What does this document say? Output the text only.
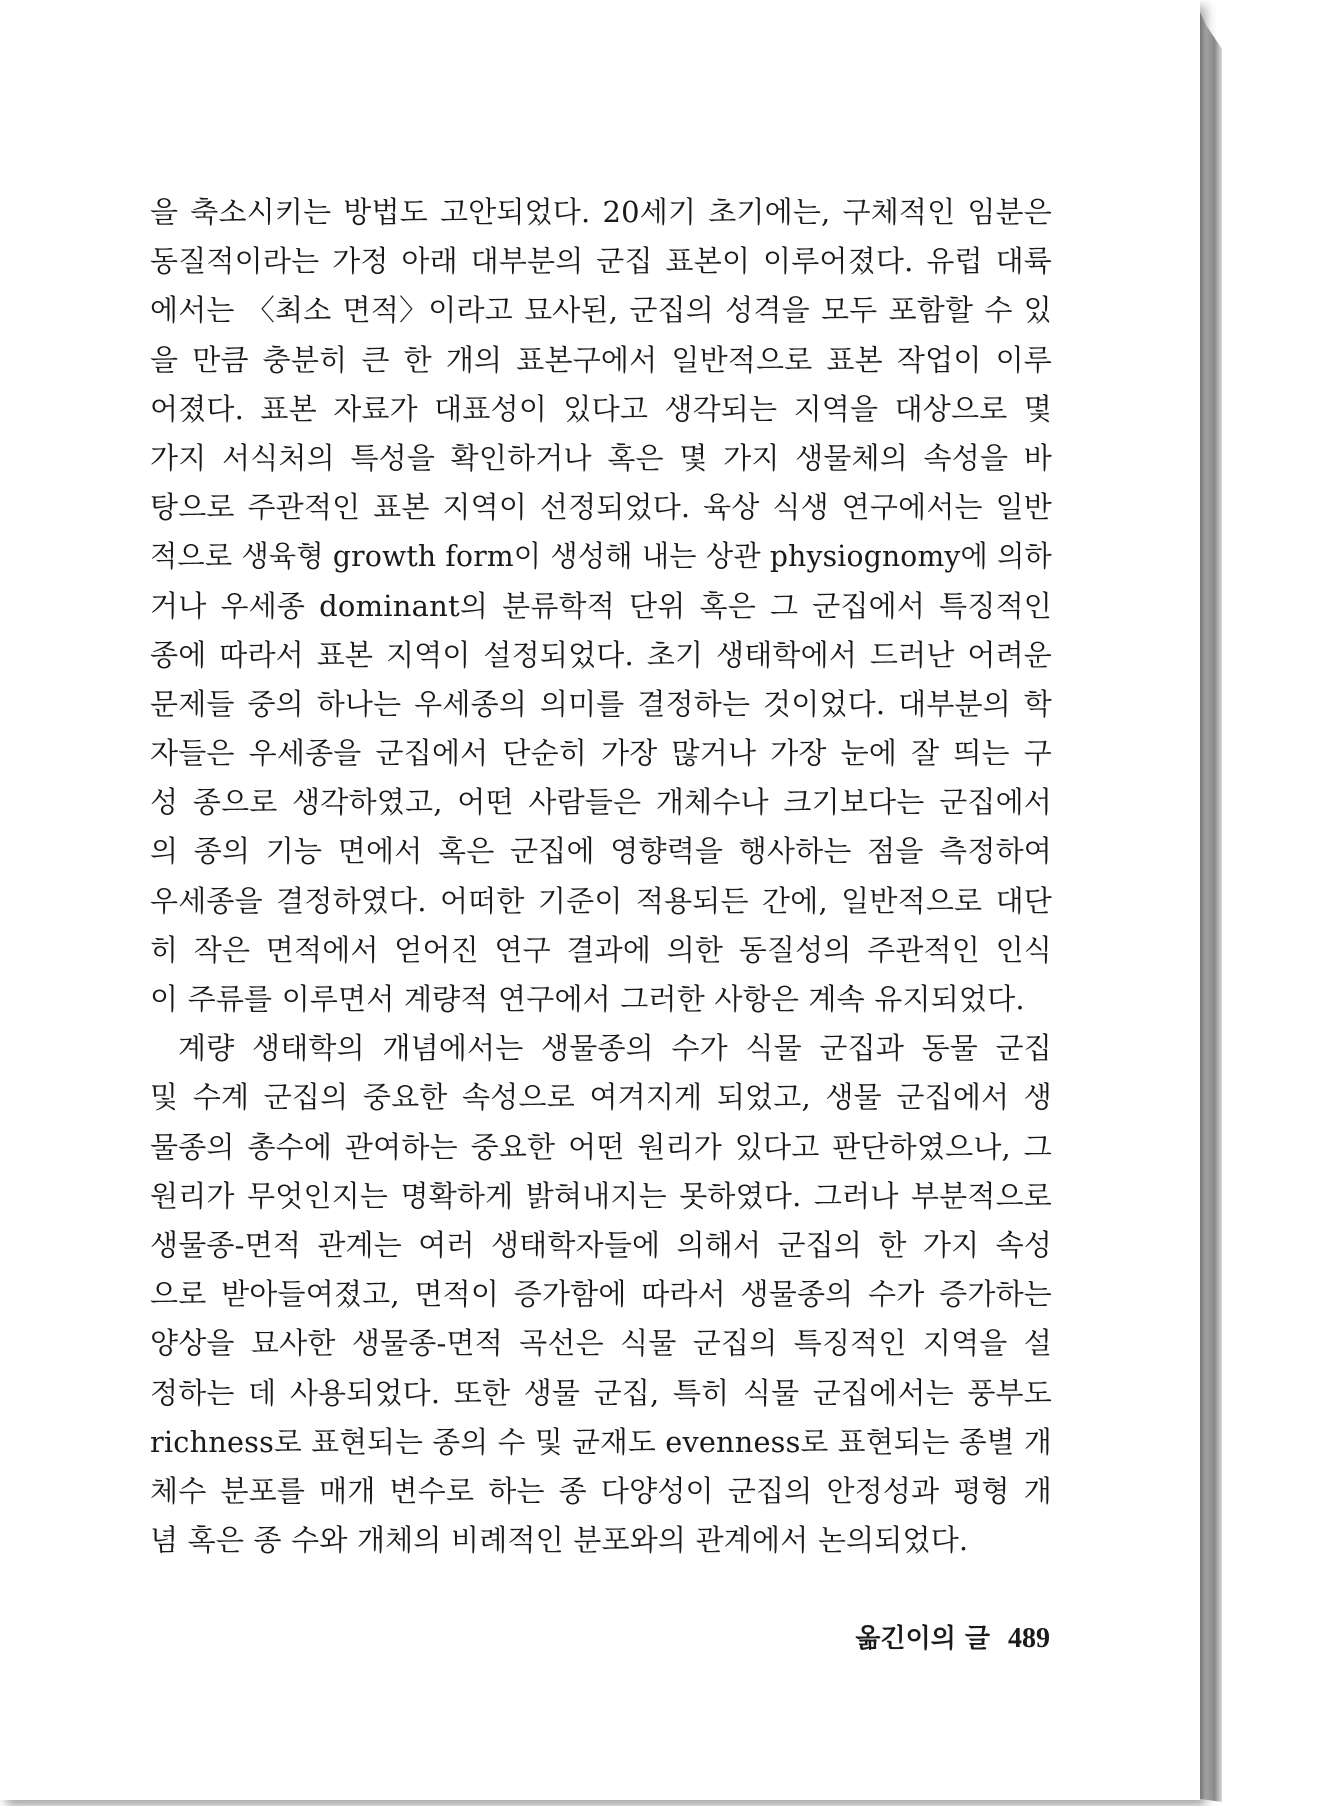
을 축소시키는 방법도 고안되었다. 20세기 초기에는, 구체적인 임분은
동질적이라는 가정 아래 대부분의 군집 표본이 이루어졌다. 유럽 대륙
에서는 〈최소 면적〉이라고 묘사된, 군집의 성격을 모두 포함할 수 있
을 만큼 충분히 큰 한 개의 표본구에서 일반적으로 표본 작업이 이루
어졌다. 표본 자료가 대표성이 있다고 생각되는 지역을 대상으로 몇
가지 서식처의 특성을 확인하거나 혹은 몇 가지 생물체의 속성을 바
탕으로 주관적인 표본 지역이 선정되었다. 육상 식생 연구에서는 일반
적으로 생육형 growth form이 생성해 내는 상관 physiognomy에 의하
거나 우세종 dominant의 분류학적 단위 혹은 그 군집에서 특징적인
종에 따라서 표본 지역이 설정되었다. 초기 생태학에서 드러난 어려운
문제들 중의 하나는 우세종의 의미를 결정하는 것이었다. 대부분의 학
자들은 우세종을 군집에서 단순히 가장 많거나 가장 눈에 잘 띄는 구
성 종으로 생각하였고, 어떤 사람들은 개체수나 크기보다는 군집에서
의 종의 기능 면에서 혹은 군집에 영향력을 행사하는 점을 측정하여
우세종을 결정하였다. 어떠한 기준이 적용되든 간에, 일반적으로 대단
히 작은 면적에서 얻어진 연구 결과에 의한 동질성의 주관적인 인식
이 주류를 이루면서 계량적 연구에서 그러한 사항은 계속 유지되었다.
계량 생태학의 개념에서는 생물종의 수가 식물 군집과 동물 군집
및 수계 군집의 중요한 속성으로 여겨지게 되었고, 생물 군집에서 생
물종의 총수에 관여하는 중요한 어떤 원리가 있다고 판단하였으나, 그
원리가 무엇인지는 명확하게 밝혀내지는 못하였다. 그러나 부분적으로
생물종-면적 관계는 여러 생태학자들에 의해서 군집의 한 가지 속성
으로 받아들여졌고, 면적이 증가함에 따라서 생물종의 수가 증가하는
양상을 묘사한 생물종-면적 곡선은 식물 군집의 특징적인 지역을 설
정하는 데 사용되었다. 또한 생물 군집, 특히 식물 군집에서는 풍부도
richness로 표현되는 종의 수 및 균재도 evenness로 표현되는 종별 개
체수 분포를 매개 변수로 하는 종 다양성이 군집의 안정성과 평형 개
념 혹은 종 수와 개체의 비례적인 분포와의 관계에서 논의되었다.
옮긴이의 글 489
